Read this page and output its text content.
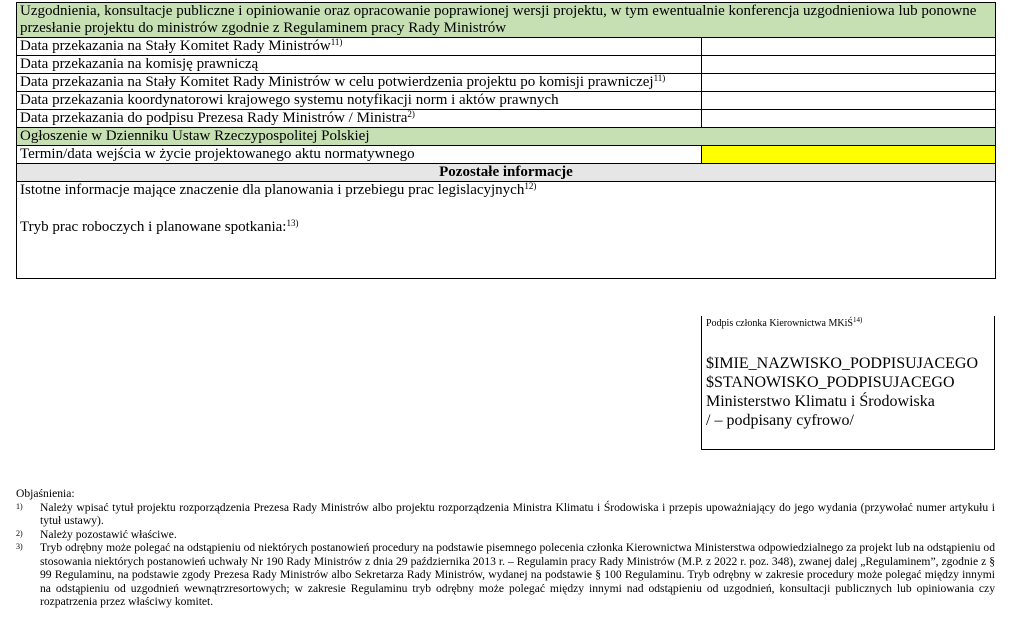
Uzgodnienia, konsultacje publiczne i opiniowanie oraz opracowanie poprawionej wersji projektu, w tym ewentualnie konferencja uzgodnieniowa lub ponowne przesłanie projektu do ministrów zgodnie z Regulaminem pracy Rady Ministrów	
Data przekazania na Stały Komitet Rady Ministrów$^{11)}$	
Data przekazania na komisję prawniczą	
Data przekazania na Stały Komitet Rady Ministrów w celu potwierdzenia projektu po komisji prawniczej$^{11)}$	
Data przekazania koordynatorowi krajowego systemu notyfikacji norm i aktów prawnych	
Data przekazania do podpisu Prezesa Rady Ministrów / Ministra$^{2)}$	
Ogłoszenie w Dzienniku Ustaw Rzeczypospolitej Polskiej	
Termin/data wejścia w życie projektowanego aktu normatywnego	
Pozostałe informacje	

Istotne informacje mające znaczenie dla planowania i przebiegu prac legislacyjnych$^{12)}$
Tryb prac roboczych i planowane spotkania:$^{13)}$
Podpis członka Kierownictwa MKiŚ$^{14)}$
$IMIE_NAZWISKO_PODPISUJACEGO
$STANOWISKO_PODPISUJACEGO
Ministerstwo Klimatu i Środowiska
/ – podpisany cyfrowo/
Objaśnienia:
1)	Należy wpisać tytuł projektu rozporządzenia Prezesa Rady Ministrów albo projektu rozporządzenia Ministra Klimatu i Środowiska i przepis upoważniający do jego wydania (przywołać numer artykułu i tytuł ustawy).
2)	Należy pozostawić właściwe.
3)	Tryb odrębny może polegać na odstąpieniu od niektórych postanowień procedury na podstawie pisemnego polecenia członka Kierownictwa Ministerstwa odpowiedzialnego za projekt lub na odstąpieniu od stosowania niektórych postanowień uchwały Nr 190 Rady Ministrów z dnia 29 października 2013 r. – Regulamin pracy Rady Ministrów (M.P. z 2022 r. poz. 348), zwanej dalej „Regulaminem”, zgodnie z § 99 Regulaminu, na podstawie zgody Prezesa Rady Ministrów albo Sekretarza Rady Ministrów, wydanej na podstawie § 100 Regulaminu. Tryb odrębny w zakresie procedury może polegać między innymi na odstąpieniu od uzgodnień wewnątrzresortowych; w zakresie Regulaminu tryb odrębny może polegać między innymi nad odstąpieniu od uzgodnień, konsultacji publicznych lub opiniowania czy rozpatrzenia przez właściwy komitet.
